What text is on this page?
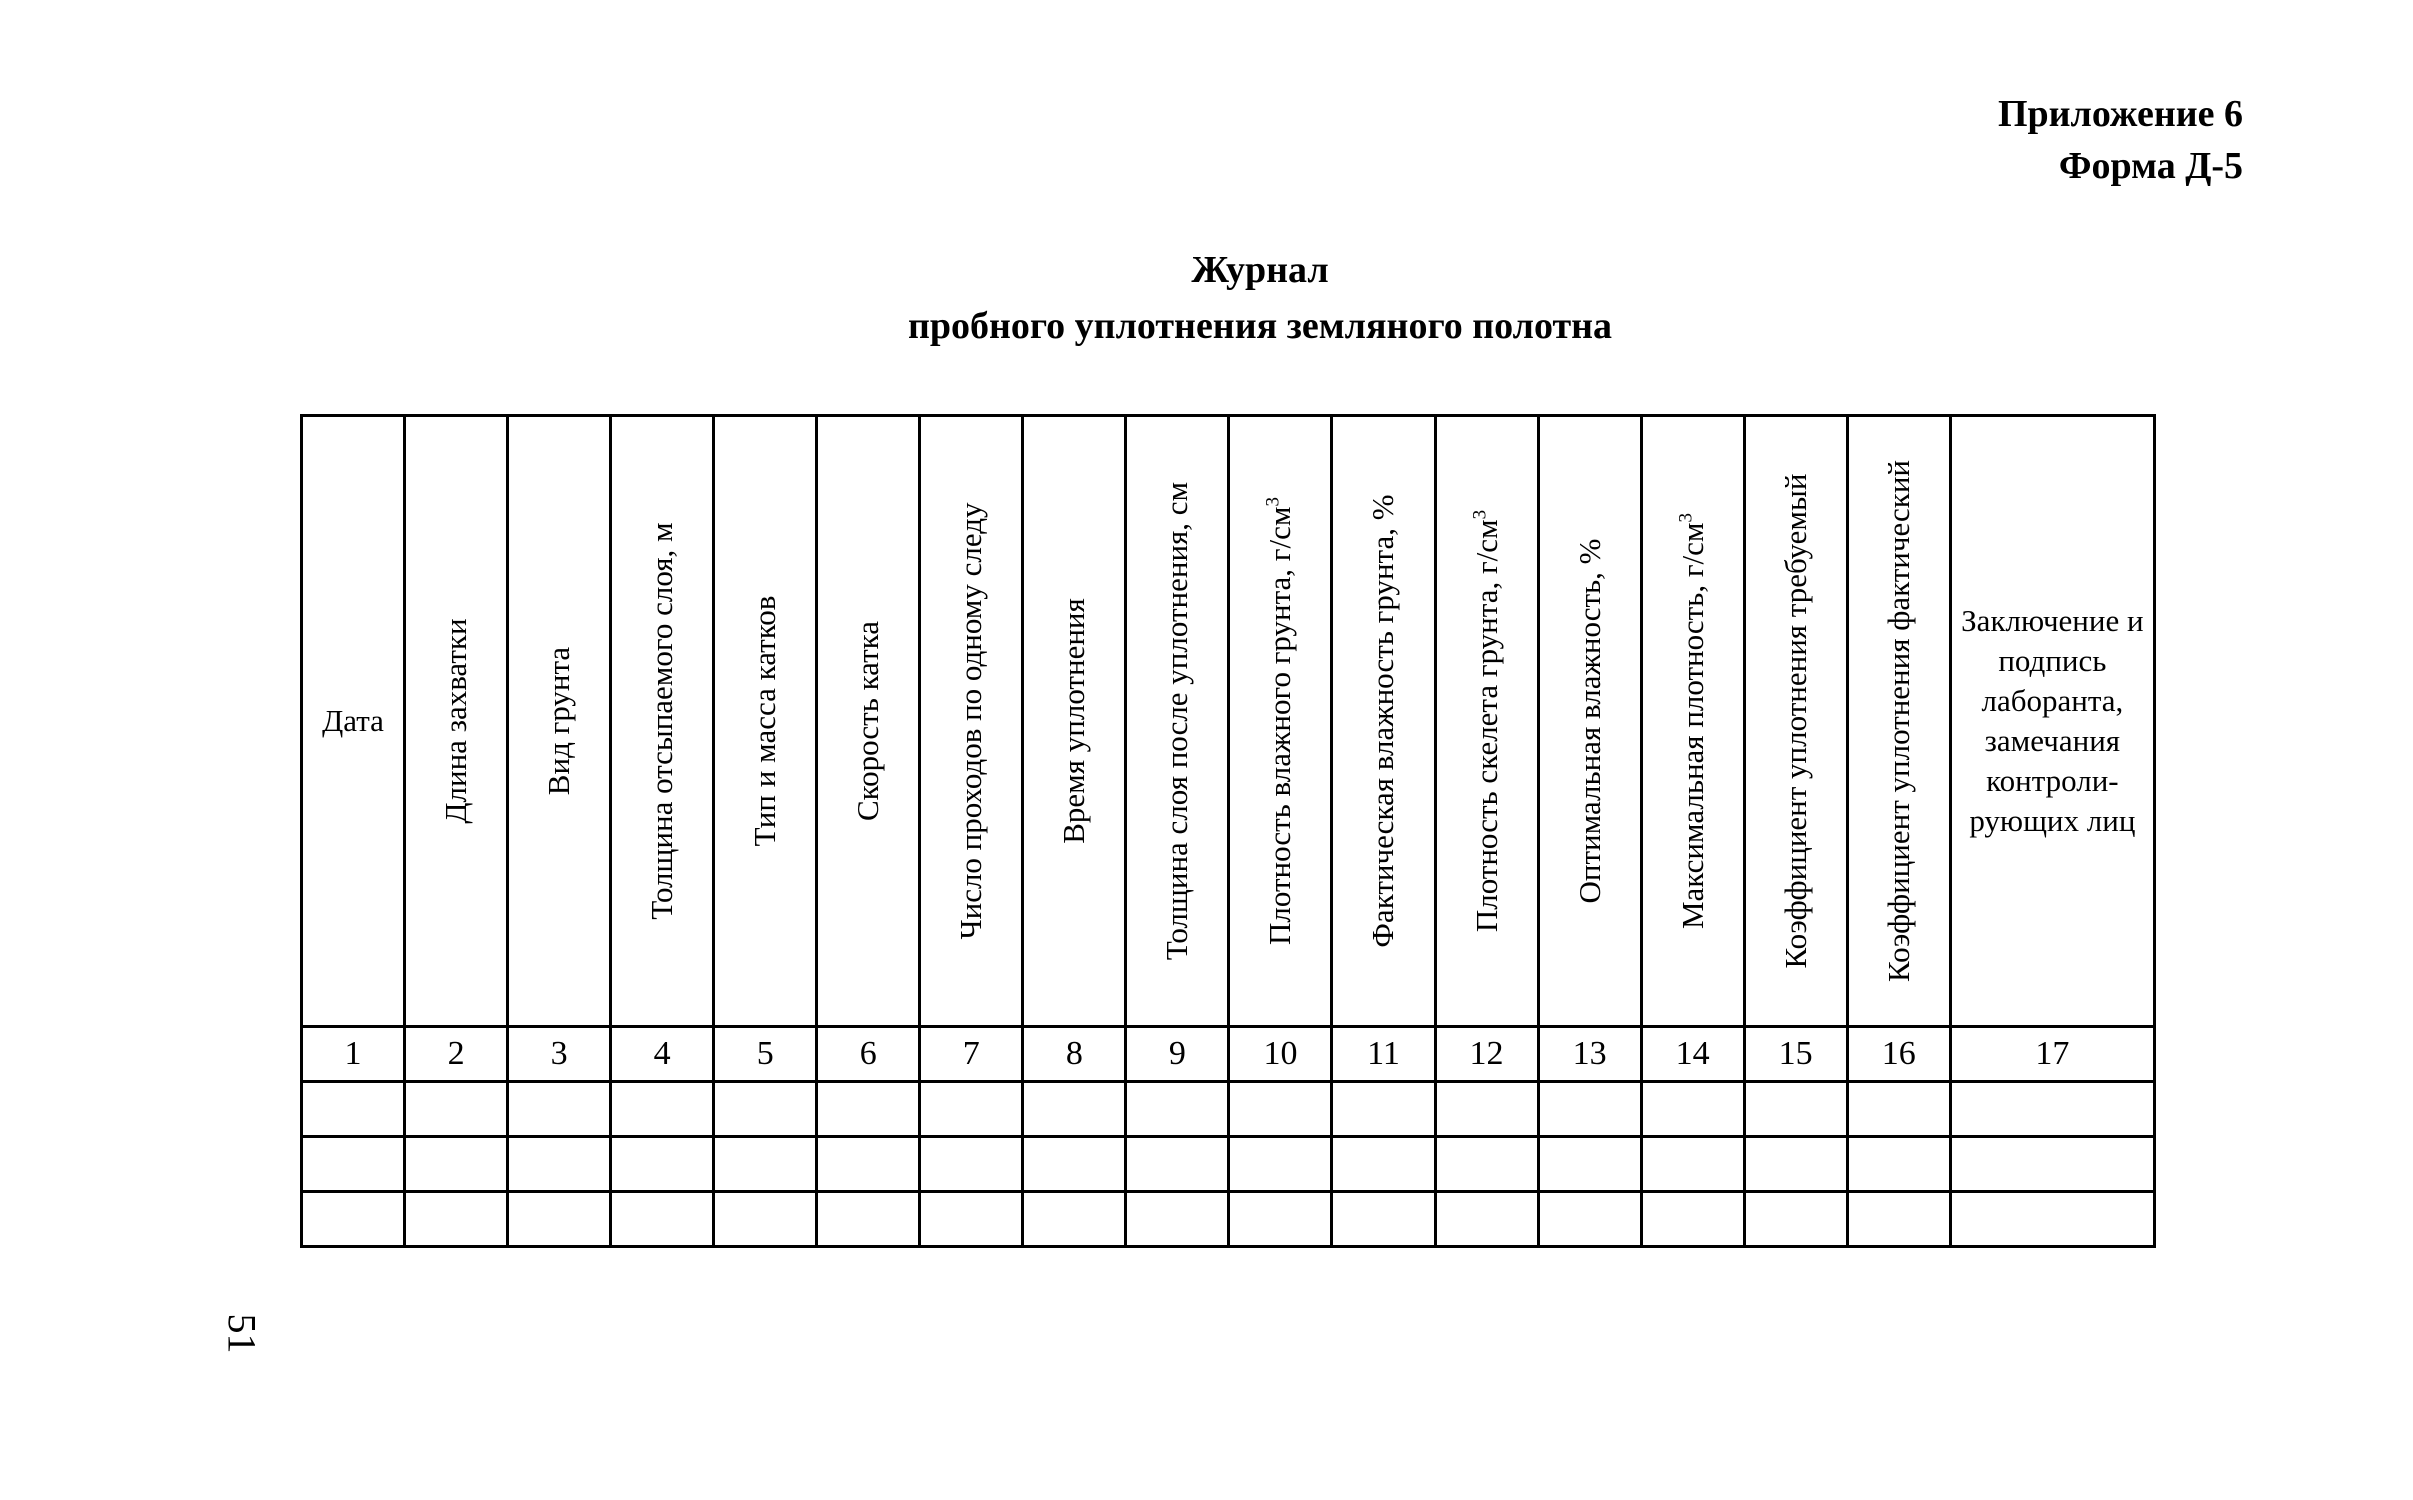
Приложение 6
Форма Д-5
Журнал
пробного уплотнения земляного полотна
Дата	Длина захватки	Вид грунта	Толщина отсыпаемого слоя, м	Тип и масса катков	Скорость катка	Число проходов по одному следу	Время уплотнения	Толщина слоя после уплотнения, см	Плотность влажного грунта, $г/см^3$	Фактическая влажность грунта, %	Плотность скелета грунта, $г/см^3$	Оптимальная влажность, %	Максимальная плотность, $г/см^3$	Коэффициент уплотнения требуемый	Коэффициент уплотнения фактический	Заключение и подпись лаборанта, замечания контроли-рующих лиц

1	2	3	4	5	6	7	8	9	10	11	12	13	14	15	16	17

51
